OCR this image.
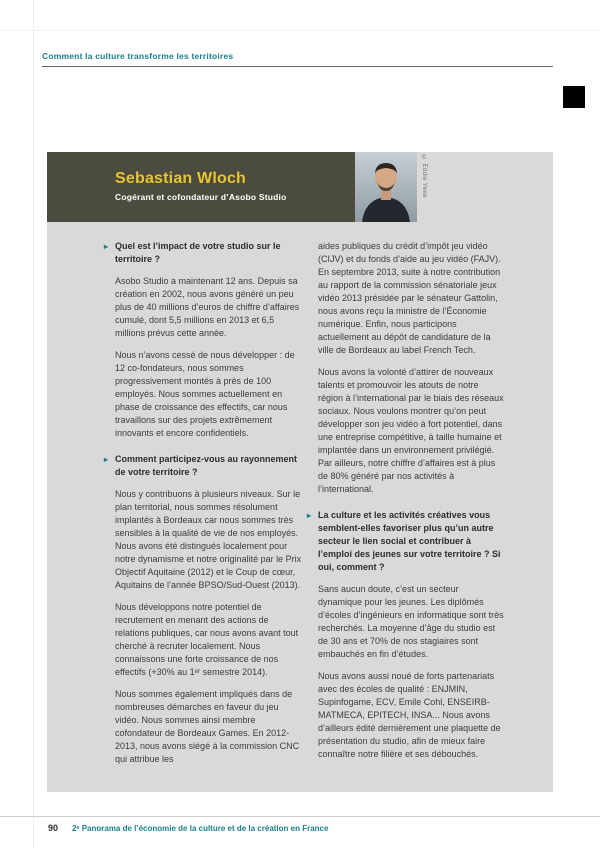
Comment la culture transforme les territoires
Sebastian Wloch
Cogérant et cofondateur d’Asobo Studio	© Eddie Yene
▸ Quel est l’impact de votre studio sur le territoire ?
Asobo Studio a maintenant 12 ans. Depuis sa création en 2002, nous avons généré un peu plus de 40 millions d’euros de chiffre d’affaires cumulé, dont 5,5 millions en 2013 et 6,5 millions prévus cette année.
Nous n’avons cessé de nous développer : de 12 co-fondateurs, nous sommes progressivement montés à près de 100 employés. Nous sommes actuellement en phase de croissance des effectifs, car nous travaillons sur des projets extrêmement innovants et encore confidentiels.
▸ Comment participez-vous au rayonnement de votre territoire ?
Nous y contribuons à plusieurs niveaux. Sur le plan territorial, nous sommes résolument implantés à Bordeaux car nous sommes très sensibles à la qualité de vie de nos employés. Nous avons été distingués localement pour notre dynamisme et notre originalité par le Prix Objectif Aquitaine (2012) et le Coup de cœur, Aquitains de l’année BPSO/Sud-Ouest (2013).
Nous développons notre potentiel de recrutement en menant des actions de relations publiques, car nous avons avant tout cherché à recruter localement. Nous connaissons une forte croissance de nos effectifs (+30% au 1ᵉʳ semestre 2014).
Nous sommes également impliqués dans de nombreuses démarches en faveur du jeu vidéo. Nous sommes ainsi membre cofondateur de Bordeaux Games. En 2012-2013, nous avons siégé à la commission CNC qui attribue les
aides publiques du crédit d’impôt jeu vidéo (CIJV) et du fonds d’aide au jeu vidéo (FAJV). En septembre 2013, suite à notre contribution au rapport de la commission sénatoriale jeux vidéo 2013 présidée par le sénateur Gattolin, nous avons reçu la ministre de l’Économie numérique. Enfin, nous participons actuellement au dépôt de candidature de la ville de Bordeaux au label French Tech.
Nous avons la volonté d’attirer de nouveaux talents et promouvoir les atouts de notre région à l’international par le biais des réseaux sociaux. Nous voulons montrer qu’on peut développer son jeu vidéo à fort potentiel, dans une entreprise compétitive, à taille humaine et implantée dans un environnement privilégié. Par ailleurs, notre chiffre d’affaires est à plus de 80% généré par nos activités à l’international.
▸ La culture et les activités créatives vous semblent-elles favoriser plus qu’un autre secteur le lien social et contribuer à l’emploi des jeunes sur votre territoire ? Si oui, comment ?
Sans aucun doute, c’est un secteur dynamique pour les jeunes. Les diplômés d’écoles d’ingénieurs en informatique sont très recherchés. La moyenne d’âge du studio est de 30 ans et 70% de nos stagiaires sont embauchés en fin d’études.
Nous avons aussi noué de forts partenariats avec des écoles de qualité : ENJMIN, Supinfogame, ECV, Emile Cohl, ENSEIRB-MATMECA, EPITECH, INSA... Nous avons d’ailleurs édité dernièrement une plaquette de présentation du studio, afin de mieux faire connaître notre filière et ses débouchés.
90 2ᵉ Panorama de l’économie de la culture et de la création en France
